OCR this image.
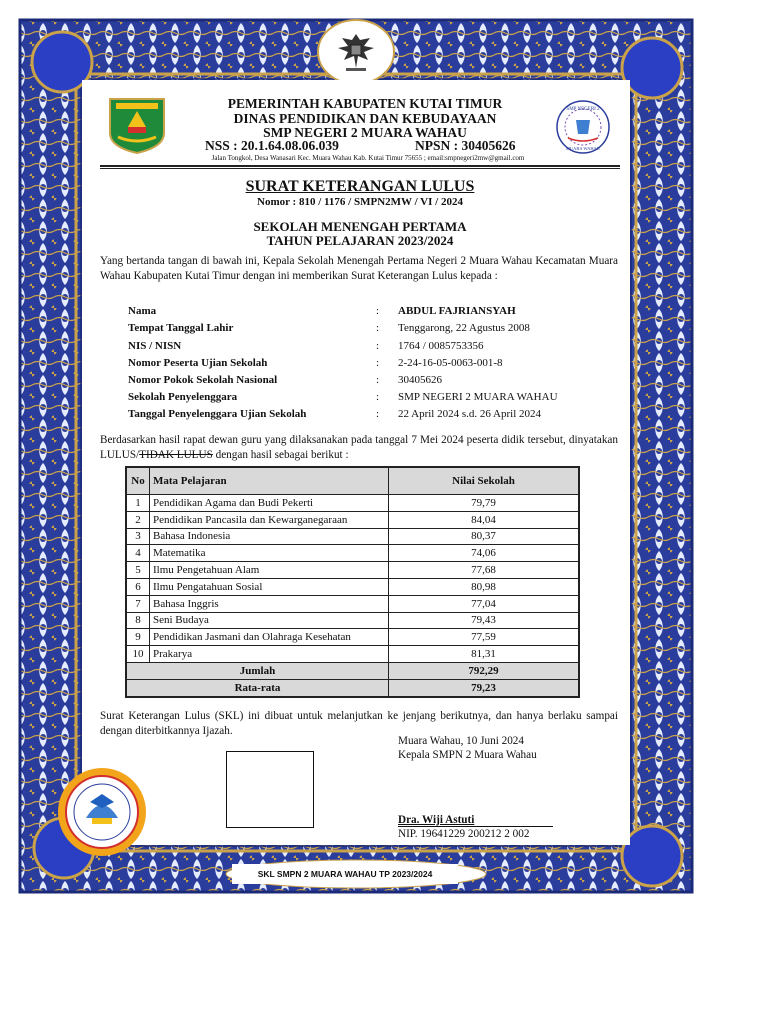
SMP NEGERI 2
MUARA WAHAU
PEMERINTAH KABUPATEN KUTAI TIMUR
DINAS PENDIDIKAN DAN KEBUDAYAAN
SMP NEGERI 2 MUARA WAHAU
NSS : 20.1.64.08.06.039	NPSN : 30405626
Jalan Tongkol, Desa Wanasari Kec. Muara Wahau Kab. Kutai Timur 75655 ; email:smpnegeri2mw@gmail.com
SURAT KETERANGAN LULUS
Nomor : 810 / 1176 / SMPN2MW / VI / 2024
SEKOLAH MENENGAH PERTAMA
TAHUN PELAJARAN 2023/2024
Yang bertanda tangan di bawah ini, Kepala Sekolah Menengah Pertama Negeri 2 Muara Wahau Kecamatan Muara Wahau Kabupaten Kutai Timur dengan ini memberikan Surat Keterangan Lulus kepada :
Nama	: ABDUL FAJRIANSYAH
Tempat Tanggal Lahir	: Tenggarong, 22 Agustus 2008
NIS / NISN	: 1764 / 0085753356
Nomor Peserta Ujian Sekolah	: 2-24-16-05-0063-001-8
Nomor Pokok Sekolah Nasional	: 30405626
Sekolah Penyelenggara	: SMP NEGERI 2 MUARA WAHAU
Tanggal Penyelenggara Ujian Sekolah	: 22 April 2024 s.d. 26 April 2024
Berdasarkan hasil rapat dewan guru yang dilaksanakan pada tanggal 7 Mei 2024 peserta didik tersebut, dinyatakan LULUS/TIDAK LULUS dengan hasil sebagai berikut :
No	Mata Pelajaran	Nilai Sekolah
1	Pendidikan Agama dan Budi Pekerti	79,79
2	Pendidikan Pancasila dan Kewarganegaraan	84,04
3	Bahasa Indonesia	80,37
4	Matematika	74,06
5	Ilmu Pengetahuan Alam	77,68
6	Ilmu Pengatahuan Sosial	80,98
7	Bahasa Inggris	77,04
8	Seni Budaya	79,43
9	Pendidikan Jasmani dan Olahraga Kesehatan	77,59
10	Prakarya	81,31
Jumlah		792,29
Rata-rata		79,23
Surat Keterangan Lulus (SKL) ini dibuat untuk melanjutkan ke jenjang berikutnya, dan hanya berlaku sampai dengan diterbitkannya Ijazah.
Muara Wahau, 10 Juni 2024
Kepala SMPN 2 Muara Wahau
Dra. Wiji Astuti
NIP. 19641229 200212 2 002
SKL SMPN 2 MUARA WAHAU TP 2023/2024
